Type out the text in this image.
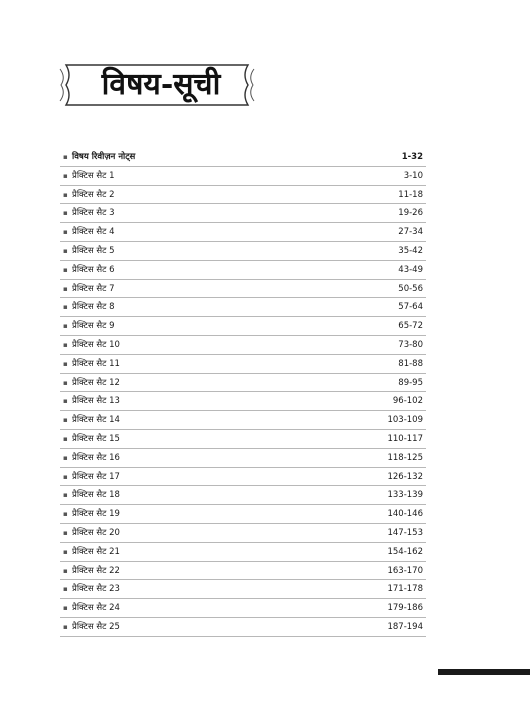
विषय-सूची
▪ विषय रिवीज़न नोट्स	1-32
▪ प्रैक्टिस सैट 1	3-10
▪ प्रैक्टिस सैट 2	11-18
▪ प्रैक्टिस सैट 3	19-26
▪ प्रैक्टिस सैट 4	27-34
▪ प्रैक्टिस सैट 5	35-42
▪ प्रैक्टिस सैट 6	43-49
▪ प्रैक्टिस सैट 7	50-56
▪ प्रैक्टिस सैट 8	57-64
▪ प्रैक्टिस सैट 9	65-72
▪ प्रैक्टिस सैट 10	73-80
▪ प्रैक्टिस सैट 11	81-88
▪ प्रैक्टिस सैट 12	89-95
▪ प्रैक्टिस सैट 13	96-102
▪ प्रैक्टिस सैट 14	103-109
▪ प्रैक्टिस सैट 15	110-117
▪ प्रैक्टिस सैट 16	118-125
▪ प्रैक्टिस सैट 17	126-132
▪ प्रैक्टिस सैट 18	133-139
▪ प्रैक्टिस सैट 19	140-146
▪ प्रैक्टिस सैट 20	147-153
▪ प्रैक्टिस सैट 21	154-162
▪ प्रैक्टिस सैट 22	163-170
▪ प्रैक्टिस सैट 23	171-178
▪ प्रैक्टिस सैट 24	179-186
▪ प्रैक्टिस सैट 25	187-194
